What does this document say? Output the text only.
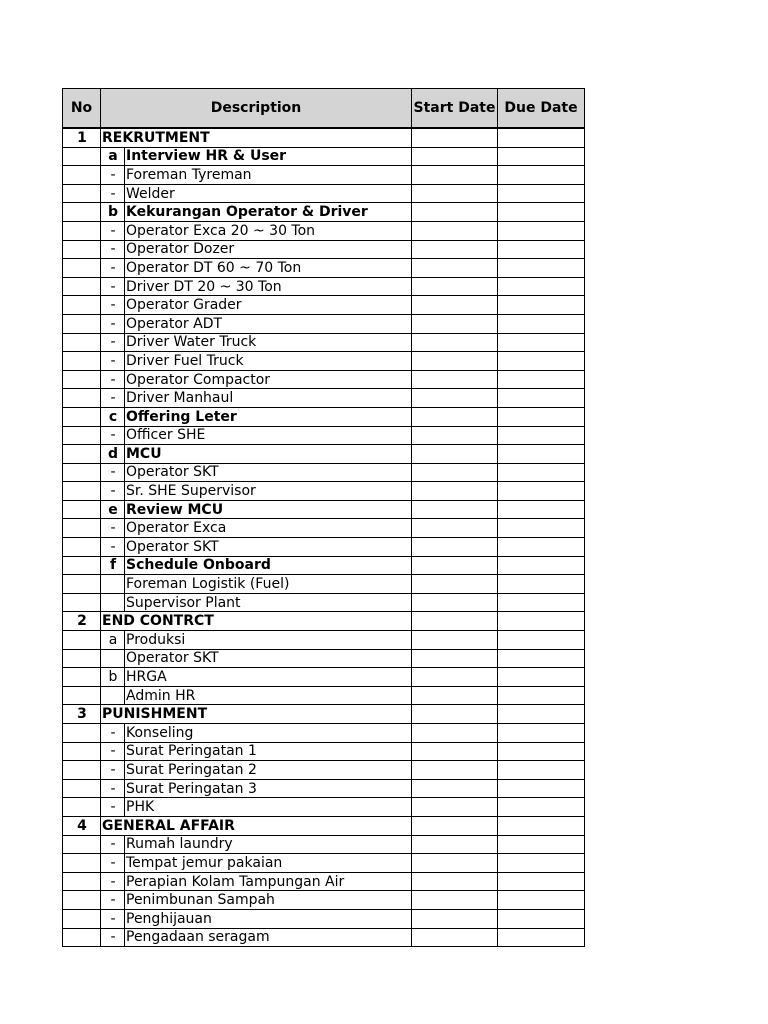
No	Description		Start Date	Due Date
1	REKRUTMENT			
	a	Interview HR & User		
	-	Foreman Tyreman		
	-	Welder		
	b	Kekurangan Operator & Driver		
	-	Operator Exca 20 ~ 30 Ton		
	-	Operator Dozer		
	-	Operator DT 60 ~ 70 Ton		
	-	Driver DT 20 ~ 30 Ton		
	-	Operator Grader		
	-	Operator ADT		
	-	Driver Water Truck		
	-	Driver Fuel Truck		
	-	Operator Compactor		
	-	Driver Manhaul		
	c	Offering Leter		
	-	Officer SHE		
	d	MCU		
	-	Operator SKT		
	-	Sr. SHE Supervisor		
	e	Review MCU		
	-	Operator Exca		
	-	Operator SKT		
	f	Schedule Onboard		
		Foreman Logistik (Fuel)		
		Supervisor Plant		
2	END CONTRCT			
	a	Produksi		
		Operator SKT		
	b	HRGA		
		Admin HR		
3	PUNISHMENT			
	-	Konseling		
	-	Surat Peringatan 1		
	-	Surat Peringatan 2		
	-	Surat Peringatan 3		
	-	PHK		
4	GENERAL AFFAIR			
	-	Rumah laundry		
	-	Tempat jemur pakaian		
	-	Perapian Kolam Tampungan Air		
	-	Penimbunan Sampah		
	-	Penghijauan		
	-	Pengadaan seragam		
